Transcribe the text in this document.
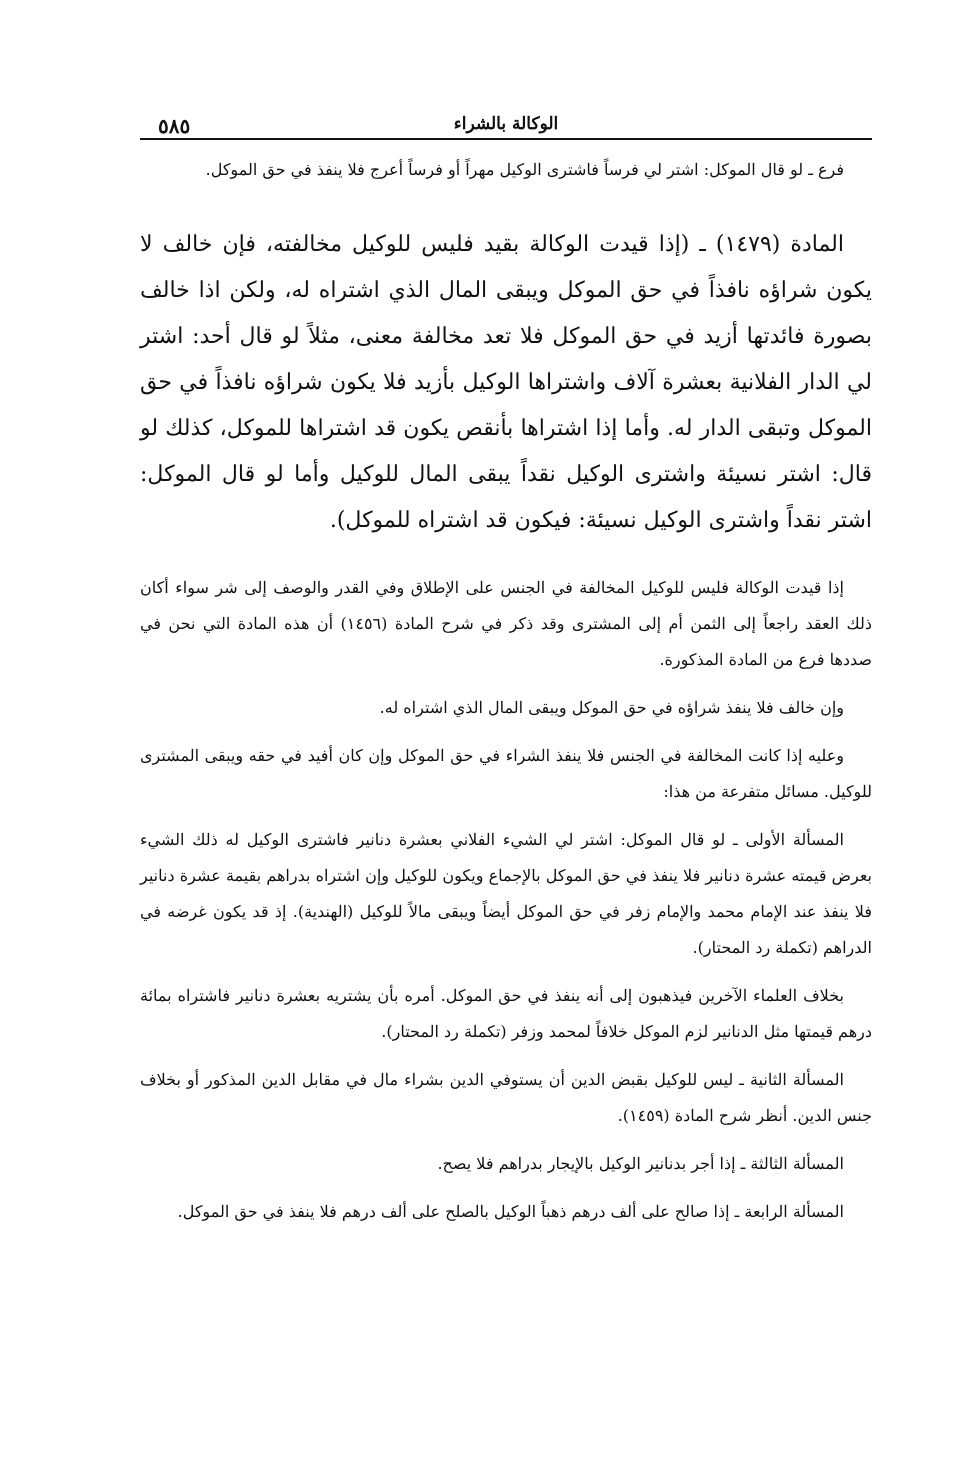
٥٨٥	الوكالة بالشراء

فرع ـ لو قال الموكل: اشتر لي فرساً فاشترى الوكيل مهراً أو فرساً أعرج فلا ينفذ في حق الموكل.

المادة (١٤٧٩) ـ (إذا قيدت الوكالة بقيد فليس للوكيل مخالفته، فإن خالف لا يكون شراؤه نافذاً في حق الموكل ويبقى المال الذي اشتراه له، ولكن اذا خالف بصورة فائدتها أزيد في حق الموكل فلا تعد مخالفة معنى، مثلاً لو قال أحد: اشتر لي الدار الفلانية بعشرة آلاف واشتراها الوكيل بأزيد فلا يكون شراؤه نافذاً في حق الموكل وتبقى الدار له. وأما إذا اشتراها بأنقص يكون قد اشتراها للموكل، كذلك لو قال: اشتر نسيئة واشترى الوكيل نقداً يبقى المال للوكيل وأما لو قال الموكل: اشتر نقداً واشترى الوكيل نسيئة: فيكون قد اشتراه للموكل).

إذا قيدت الوكالة فليس للوكيل المخالفة في الجنس على الإطلاق وفي القدر والوصف إلى شر سواء أكان ذلك العقد راجعاً إلى الثمن أم إلى المشترى وقد ذكر في شرح المادة (١٤٥٦) أن هذه المادة التي نحن في صددها فرع من المادة المذكورة.

وإن خالف فلا ينفذ شراؤه في حق الموكل ويبقى المال الذي اشتراه له.

وعليه إذا كانت المخالفة في الجنس فلا ينفذ الشراء في حق الموكل وإن كان أفيد في حقه ويبقى المشترى للوكيل. مسائل متفرعة من هذا:

المسألة الأولى ـ لو قال الموكل: اشتر لي الشيء الفلاني بعشرة دنانير فاشترى الوكيل له ذلك الشيء بعرض قيمته عشرة دنانير فلا ينفذ في حق الموكل بالإجماع ويكون للوكيل وإن اشتراه بدراهم بقيمة عشرة دنانير فلا ينفذ عند الإمام محمد والإمام زفر في حق الموكل أيضاً ويبقى مالاً للوكيل (الهندية). إذ قد يكون غرضه في الدراهم (تكملة رد المحتار).

بخلاف العلماء الآخرين فيذهبون إلى أنه ينفذ في حق الموكل. أمره بأن يشتريه بعشرة دنانير فاشتراه بمائة درهم قيمتها مثل الدنانير لزم الموكل خلافاً لمحمد وزفر (تكملة رد المحتار).

المسألة الثانية ـ ليس للوكيل بقبض الدين أن يستوفي الدين بشراء مال في مقابل الدين المذكور أو بخلاف جنس الدين. أنظر شرح المادة (١٤٥٩).

المسألة الثالثة ـ إذا أجر بدنانير الوكيل بالإيجار بدراهم فلا يصح.

المسألة الرابعة ـ إذا صالح على ألف درهم ذهباً الوكيل بالصلح على ألف درهم فلا ينفذ في حق الموكل.
